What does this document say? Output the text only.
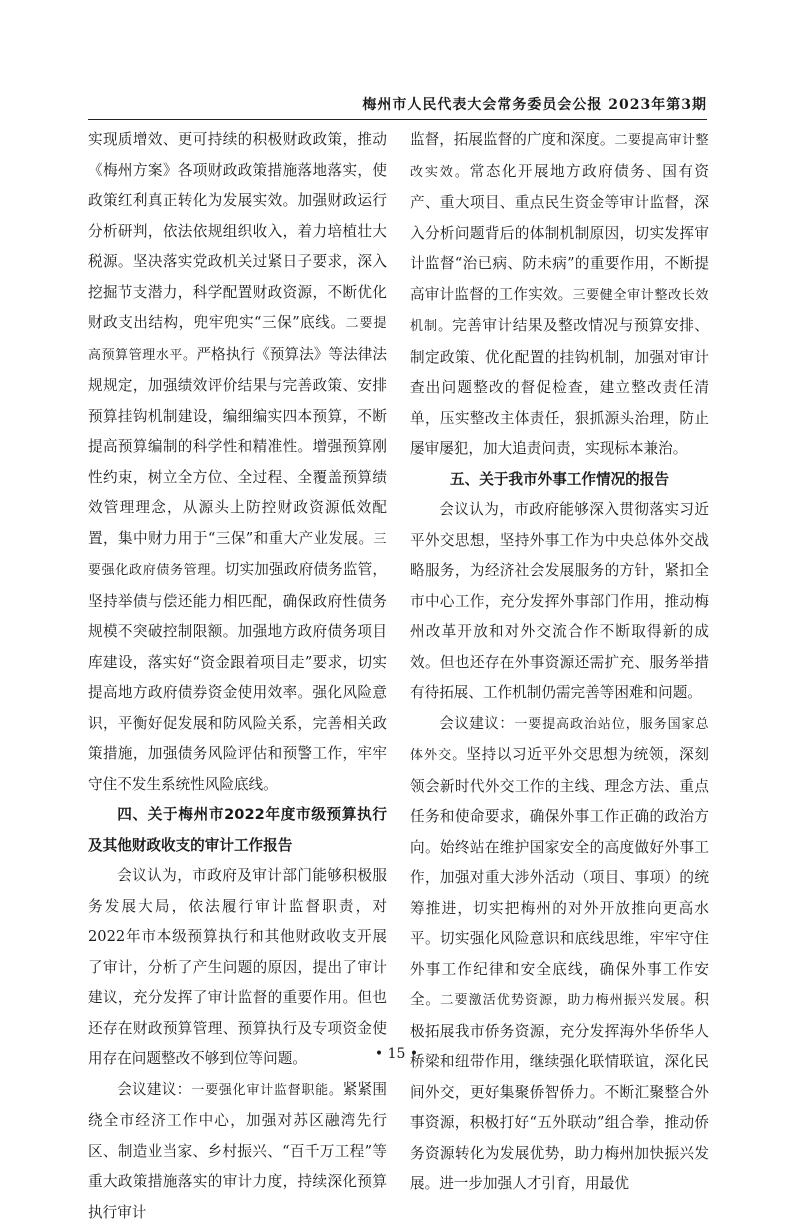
梅州市人民代表大会常务委员会公报 2023年第3期

实现质增效、更可持续的积极财政政策，推动《梅州方案》各项财政政策措施落地落实，使政策红利真正转化为发展实效。加强财政运行分析研判，依法依规组织收入，着力培植壮大税源。坚决落实党政机关过紧日子要求，深入挖掘节支潜力，科学配置财政资源，不断优化财政支出结构，兜牢兜实“三保”底线。二要提高预算管理水平。严格执行《预算法》等法律法规规定，加强绩效评价结果与完善政策、安排预算挂钩机制建设，编细编实四本预算，不断提高预算编制的科学性和精准性。增强预算刚性约束，树立全方位、全过程、全覆盖预算绩效管理理念，从源头上防控财政资源低效配置，集中财力用于“三保”和重大产业发展。三要强化政府债务管理。切实加强政府债务监管，坚持举债与偿还能力相匹配，确保政府性债务规模不突破控制限额。加强地方政府债务项目库建设，落实好“资金跟着项目走”要求，切实提高地方政府债券资金使用效率。强化风险意识，平衡好促发展和防风险关系，完善相关政策措施，加强债务风险评估和预警工作，牢牢守住不发生系统性风险底线。

四、关于梅州市2022年度市级预算执行及其他财政收支的审计工作报告

会议认为，市政府及审计部门能够积极服务发展大局，依法履行审计监督职责，对2022年市本级预算执行和其他财政收支开展了审计，分析了产生问题的原因，提出了审计建议，充分发挥了审计监督的重要作用。但也还存在财政预算管理、预算执行及专项资金使用存在问题整改不够到位等问题。

会议建议：一要强化审计监督职能。紧紧围绕全市经济工作中心，加强对苏区融湾先行区、制造业当家、乡村振兴、“百千万工程”等重大政策措施落实的审计力度，持续深化预算执行审计

监督，拓展监督的广度和深度。二要提高审计整改实效。常态化开展地方政府债务、国有资产、重大项目、重点民生资金等审计监督，深入分析问题背后的体制机制原因，切实发挥审计监督“治已病、防未病”的重要作用，不断提高审计监督的工作实效。三要健全审计整改长效机制。完善审计结果及整改情况与预算安排、制定政策、优化配置的挂钩机制，加强对审计查出问题整改的督促检查，建立整改责任清单，压实整改主体责任，狠抓源头治理，防止屡审屡犯，加大追责问责，实现标本兼治。

五、关于我市外事工作情况的报告

会议认为，市政府能够深入贯彻落实习近平外交思想，坚持外事工作为中央总体外交战略服务，为经济社会发展服务的方针，紧扣全市中心工作，充分发挥外事部门作用，推动梅州改革开放和对外交流合作不断取得新的成效。但也还存在外事资源还需扩充、服务举措有待拓展、工作机制仍需完善等困难和问题。

会议建议：一要提高政治站位，服务国家总体外交。坚持以习近平外交思想为统领，深刻领会新时代外交工作的主线、理念方法、重点任务和使命要求，确保外事工作正确的政治方向。始终站在维护国家安全的高度做好外事工作，加强对重大涉外活动（项目、事项）的统筹推进，切实把梅州的对外开放推向更高水平。切实强化风险意识和底线思维，牢牢守住外事工作纪律和安全底线，确保外事工作安全。二要激活优势资源，助力梅州振兴发展。积极拓展我市侨务资源，充分发挥海外华侨华人桥梁和纽带作用，继续强化联情联谊，深化民间外交，更好集聚侨智侨力。不断汇聚整合外事资源，积极打好“五外联动”组合拳，推动侨务资源转化为发展优势，助力梅州加快振兴发展。进一步加强人才引育，用最优

• 15 •
